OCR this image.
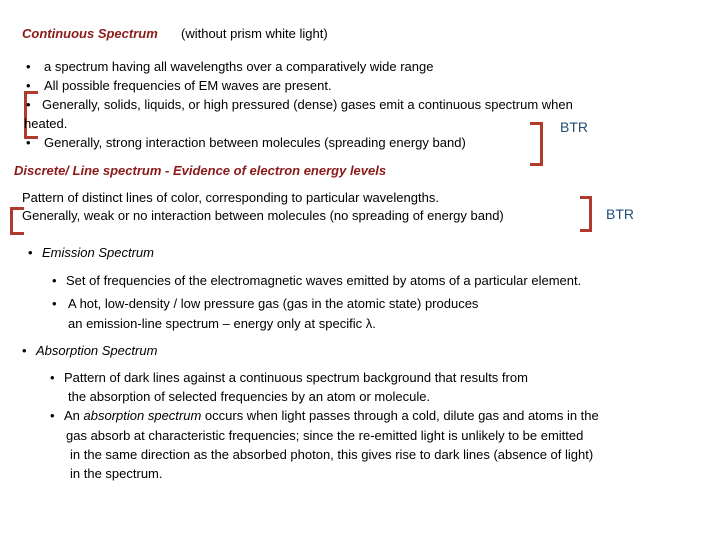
Continuous Spectrum (without prism white light)
• a spectrum having all wavelengths over a comparatively wide range
• All possible frequencies of EM waves are present.
• Generally, solids, liquids, or high pressured (dense) gases emit a continuous spectrum when
heated.
• Generally, strong interaction between molecules (spreading energy band)
BTR
Discrete/ Line spectrum - Evidence of electron energy levels
Pattern of distinct lines of color, corresponding to particular wavelengths.
Generally, weak or no interaction between molecules (no spreading of energy band)	BTR
• Emission Spectrum
• Set of frequencies of the electromagnetic waves emitted by atoms of a particular element.
• A hot, low-density / low pressure gas (gas in the atomic state) produces
an emission-line spectrum – energy only at specific λ.
• Absorption Spectrum
• Pattern of dark lines against a continuous spectrum background that results from
the absorption of selected frequencies by an atom or molecule.
• An absorption spectrum occurs when light passes through a cold, dilute gas and atoms in the
gas absorb at characteristic frequencies; since the re-emitted light is unlikely to be emitted
in the same direction as the absorbed photon, this gives rise to dark lines (absence of light)
in the spectrum.
